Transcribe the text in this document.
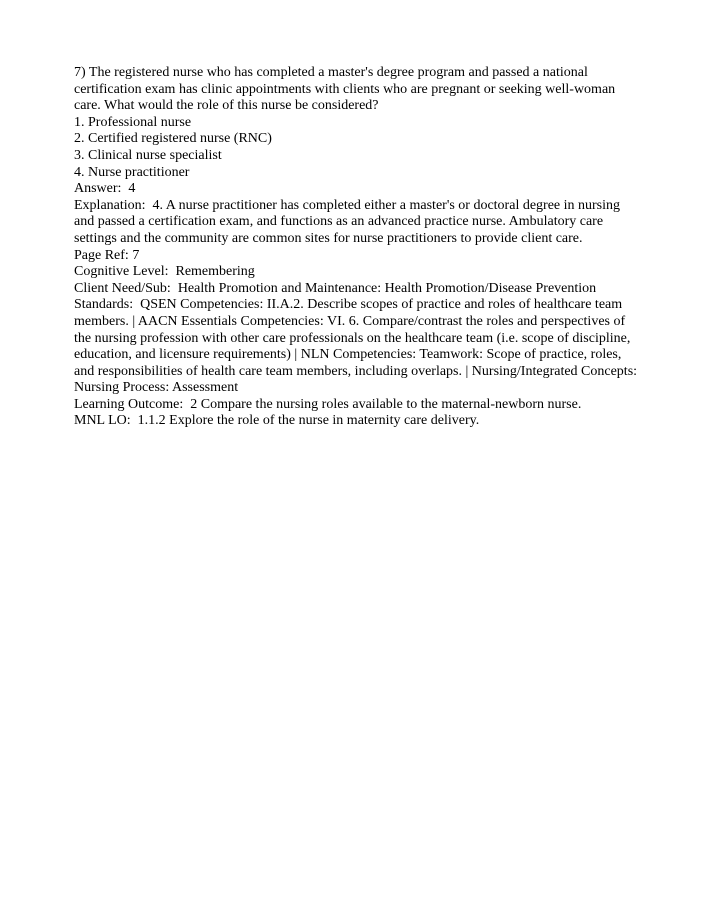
7) The registered nurse who has completed a master's degree program and passed a national certification exam has clinic appointments with clients who are pregnant or seeking well-woman care. What would the role of this nurse be considered?

1. Professional nurse

2. Certified registered nurse (RNC)

3. Clinical nurse specialist

4. Nurse practitioner

Answer:  4

Explanation:  4. A nurse practitioner has completed either a master's or doctoral degree in nursing and passed a certification exam, and functions as an advanced practice nurse. Ambulatory care settings and the community are common sites for nurse practitioners to provide client care.

Page Ref: 7

Cognitive Level:  Remembering

Client Need/Sub:  Health Promotion and Maintenance: Health Promotion/Disease Prevention

Standards:  QSEN Competencies: II.A.2. Describe scopes of practice and roles of healthcare team members. | AACN Essentials Competencies: VI. 6. Compare/contrast the roles and perspectives of the nursing profession with other care professionals on the healthcare team (i.e. scope of discipline, education, and licensure requirements) | NLN Competencies: Teamwork: Scope of practice, roles, and responsibilities of health care team members, including overlaps. | Nursing/Integrated Concepts: Nursing Process: Assessment

Learning Outcome:  2 Compare the nursing roles available to the maternal-newborn nurse.

MNL LO:  1.1.2 Explore the role of the nurse in maternity care delivery.
